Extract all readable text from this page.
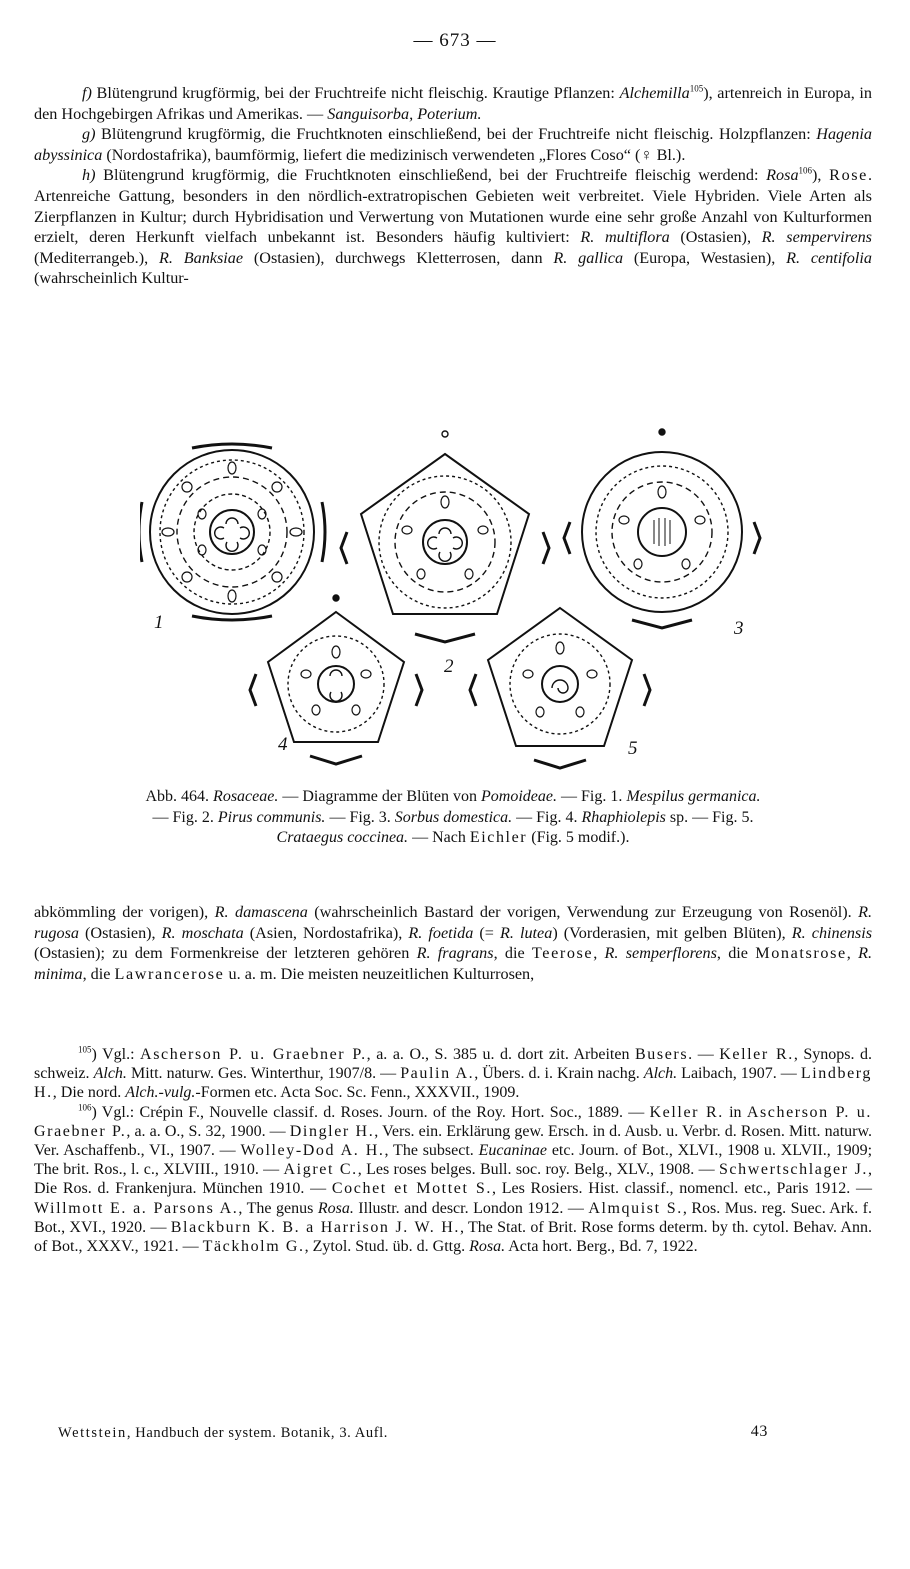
— 673 —

f) Blütengrund krugförmig, bei der Fruchtreife nicht fleischig. Krautige Pflanzen: Alchemilla$^{105}$), artenreich in Europa, in den Hochgebirgen Afrikas und Amerikas. — Sanguisorba, Poterium.

g) Blütengrund krugförmig, die Fruchtknoten einschließend, bei der Fruchtreife nicht fleischig. Holzpflanzen: Hagenia abyssinica (Nordostafrika), baumförmig, liefert die medizinisch verwendeten „Flores Coso“ (♀ Bl.).

h) Blütengrund krugförmig, die Fruchtknoten einschließend, bei der Fruchtreife fleischig werdend: Rosa$^{106}$), Rose. Artenreiche Gattung, besonders in den nördlich-extratropischen Gebieten weit verbreitet. Viele Hybriden. Viele Arten als Zierpflanzen in Kultur; durch Hybridisation und Verwertung von Mutationen wurde eine sehr große Anzahl von Kulturformen erzielt, deren Herkunft vielfach unbekannt ist. Besonders häufig kultiviert: R. multiflora (Ostasien), R. sempervirens (Mediterrangeb.), R. Banksiae (Ostasien), durchwegs Kletterrosen, dann R. gallica (Europa, Westasien), R. centifolia (wahrscheinlich Kultur-

1
2
3
4	5
Abb. 464. Rosaceae. — Diagramme der Blüten von Pomoideae. — Fig. 1. Mespilus germanica.
— Fig. 2. Pirus communis. — Fig. 3. Sorbus domestica. — Fig. 4. Rhaphiolepis sp. — Fig. 5.
Crataegus coccinea. — Nach Eichler (Fig. 5 modif.).

abkömmling der vorigen), R. damascena (wahrscheinlich Bastard der vorigen, Verwendung zur Erzeugung von Rosenöl). R. rugosa (Ostasien), R. moschata (Asien, Nordostafrika), R. foetida (= R. lutea) (Vorderasien, mit gelben Blüten), R. chinensis (Ostasien); zu dem Formenkreise der letzteren gehören R. fragrans, die Teerose, R. semperflorens, die Monatsrose, R. minima, die Lawrancerose u. a. m. Die meisten neuzeitlichen Kulturrosen,

$^{105}$) Vgl.: Ascherson P. u. Graebner P., a. a. O., S. 385 u. d. dort zit. Arbeiten Busers. — Keller R., Synops. d. schweiz. Alch. Mitt. naturw. Ges. Winterthur, 1907/8. — Paulin A., Übers. d. i. Krain nachg. Alch. Laibach, 1907. — Lindberg H., Die nord. Alch.-vulg.-Formen etc. Acta Soc. Sc. Fenn., XXXVII., 1909.

$^{106}$) Vgl.: Crépin F., Nouvelle classif. d. Roses. Journ. of the Roy. Hort. Soc., 1889. — Keller R. in Ascherson P. u. Graebner P., a. a. O., S. 32, 1900. — Dingler H., Vers. ein. Erklärung gew. Ersch. in d. Ausb. u. Verbr. d. Rosen. Mitt. naturw. Ver. Aschaffenb., VI., 1907. — Wolley-Dod A. H., The subsect. Eucaninae etc. Journ. of Bot., XLVI., 1908 u. XLVII., 1909; The brit. Ros., l. c., XLVIII., 1910. — Aigret C., Les roses belges. Bull. soc. roy. Belg., XLV., 1908. — Schwertschlager J., Die Ros. d. Frankenjura. München 1910. — Cochet et Mottet S., Les Rosiers. Hist. classif., nomencl. etc., Paris 1912. — Willmott E. a. Parsons A., The genus Rosa. Illustr. and descr. London 1912. — Almquist S., Ros. Mus. reg. Suec. Ark. f. Bot., XVI., 1920. — Blackburn K. B. a Harrison J. W. H., The Stat. of Brit. Rose forms determ. by th. cytol. Behav. Ann. of Bot., XXXV., 1921. — Täckholm G., Zytol. Stud. üb. d. Gttg. Rosa. Acta hort. Berg., Bd. 7, 1922.

Wettstein, Handbuch der system. Botanik, 3. Aufl.	43
